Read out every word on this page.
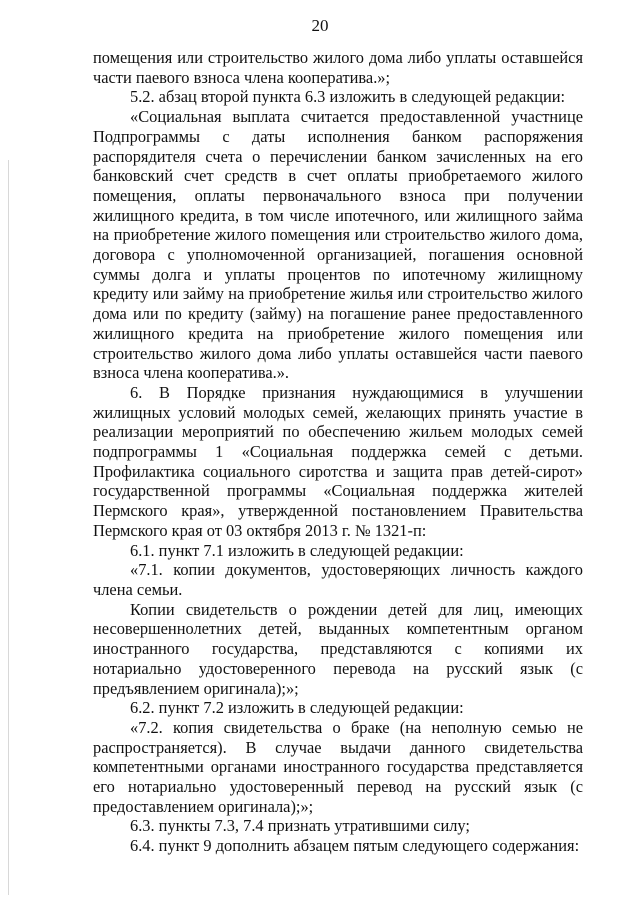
20

помещения или строительство жилого дома либо уплаты оставшейся части паевого взноса члена кооператива.»;

5.2. абзац второй пункта 6.3 изложить в следующей редакции:

«Социальная выплата считается предоставленной участнице Подпрограммы с даты исполнения банком распоряжения распорядителя счета о перечислении банком зачисленных на его банковский счет средств в счет оплаты приобретаемого жилого помещения, оплаты первоначального взноса при получении жилищного кредита, в том числе ипотечного, или жилищного займа на приобретение жилого помещения или строительство жилого дома, договора с уполномоченной организацией, погашения основной суммы долга и уплаты процентов по ипотечному жилищному кредиту или займу на приобретение жилья или строительство жилого дома или по кредиту (займу) на погашение ранее предоставленного жилищного кредита на приобретение жилого помещения или строительство жилого дома либо уплаты оставшейся части паевого взноса члена кооператива.».

6. В Порядке признания нуждающимися в улучшении жилищных условий молодых семей, желающих принять участие в реализации мероприятий по обеспечению жильем молодых семей подпрограммы 1 «Социальная поддержка семей с детьми. Профилактика социального сиротства и защита прав детей-сирот» государственной программы «Социальная поддержка жителей Пермского края», утвержденной постановлением Правительства Пермского края от 03 октября 2013 г. № 1321-п:

6.1. пункт 7.1 изложить в следующей редакции:

«7.1. копии документов, удостоверяющих личность каждого члена семьи.

Копии свидетельств о рождении детей для лиц, имеющих несовершеннолетних детей, выданных компетентным органом иностранного государства, представляются с копиями их нотариально удостоверенного перевода на русский язык (с предъявлением оригинала);»;

6.2. пункт 7.2 изложить в следующей редакции:

«7.2. копия свидетельства о браке (на неполную семью не распространяется). В случае выдачи данного свидетельства компетентными органами иностранного государства представляется его нотариально удостоверенный перевод на русский язык (с предоставлением оригинала);»;

6.3. пункты 7.3, 7.4 признать утратившими силу;

6.4. пункт 9 дополнить абзацем пятым следующего содержания:
